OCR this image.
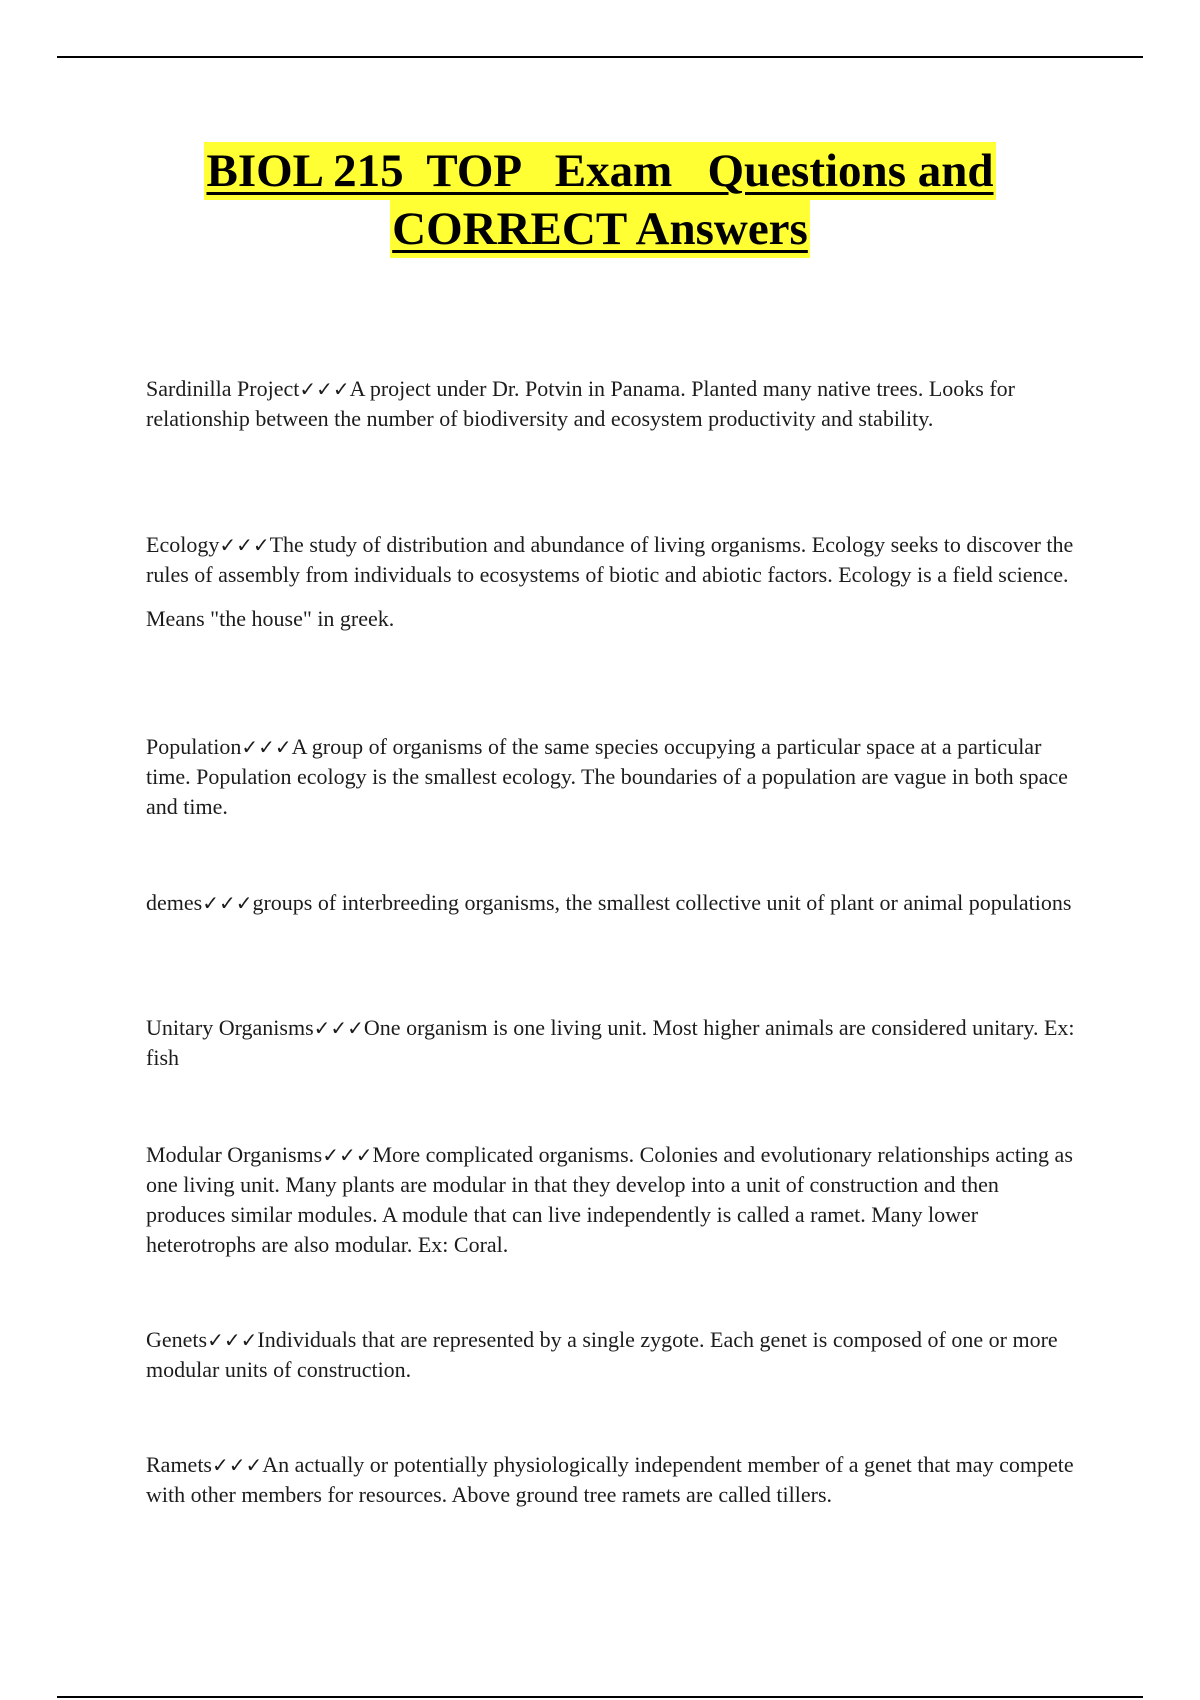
BIOL 215  TOP   Exam   Questions and
CORRECT Answers

Sardinilla Project✓✓✓A project under Dr. Potvin in Panama. Planted many native trees. Looks for relationship between the number of biodiversity and ecosystem productivity and stability.

Ecology✓✓✓The study of distribution and abundance of living organisms. Ecology seeks to discover the rules of assembly from individuals to ecosystems of biotic and abiotic factors. Ecology is a field science.

Means "the house" in greek.

Population✓✓✓A group of organisms of the same species occupying a particular space at a particular time. Population ecology is the smallest ecology. The boundaries of a population are vague in both space and time.

demes✓✓✓groups of interbreeding organisms, the smallest collective unit of plant or animal populations

Unitary Organisms✓✓✓One organism is one living unit. Most higher animals are considered unitary. Ex: fish

Modular Organisms✓✓✓More complicated organisms. Colonies and evolutionary relationships acting as one living unit. Many plants are modular in that they develop into a unit of construction and then produces similar modules. A module that can live independently is called a ramet. Many lower heterotrophs are also modular. Ex: Coral.

Genets✓✓✓Individuals that are represented by a single zygote. Each genet is composed of one or more modular units of construction.

Ramets✓✓✓An actually or potentially physiologically independent member of a genet that may compete with other members for resources. Above ground tree ramets are called tillers.
